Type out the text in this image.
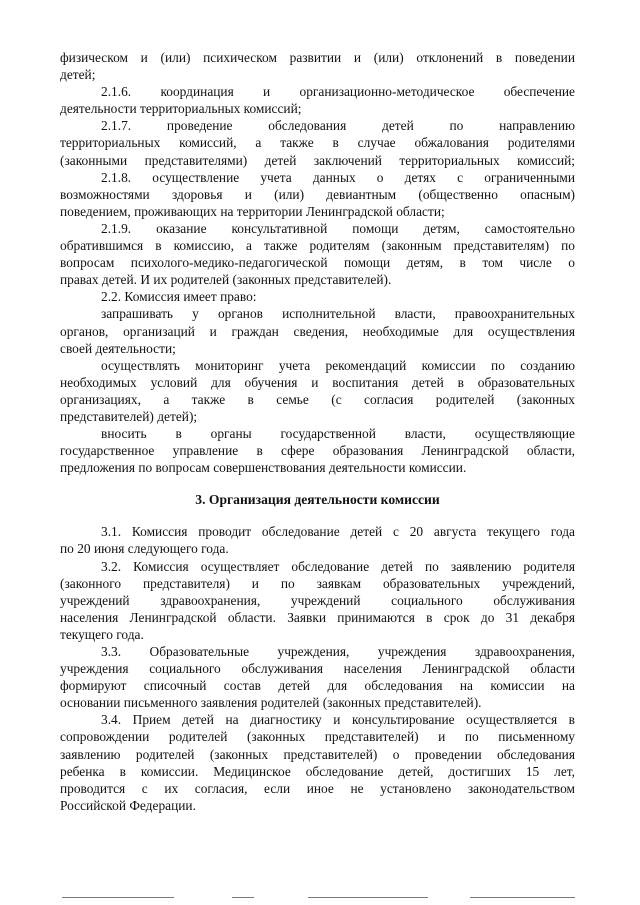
физическом и (или) психическом развитии и (или) отклонений в поведении
детей;
2.1.6. координация и организационно-методическое обеспечение
деятельности территориальных комиссий;
2.1.7. проведение обследования детей по направлению
территориальных комиссий, а также в случае обжалования родителями
(законными представителями) детей заключений территориальных комиссий;
2.1.8. осуществление учета данных о детях с ограниченными
возможностями здоровья и (или) девиантным (общественно опасным)
поведением, проживающих на территории Ленинградской области;
2.1.9. оказание консультативной помощи детям, самостоятельно
обратившимся в комиссию, а также родителям (законным представителям) по
вопросам психолого-медико-педагогической помощи детям, в том числе о
правах детей. И их родителей (законных представителей).
2.2. Комиссия имеет право:
запрашивать у органов исполнительной власти, правоохранительных
органов, организаций и граждан сведения, необходимые для осуществления
своей деятельности;
осуществлять мониторинг учета рекомендаций комиссии по созданию
необходимых условий для обучения и воспитания детей в образовательных
организациях, а также в семье (с согласия родителей (законных
представителей) детей);
вносить в органы государственной власти, осуществляющие
государственное управление в сфере образования Ленинградской области,
предложения по вопросам совершенствования деятельности комиссии.
3. Организация деятельности комиссии
3.1. Комиссия проводит обследование детей с 20 августа текущего года
по 20 июня следующего года.
3.2. Комиссия осуществляет обследование детей по заявлению родителя
(законного представителя) и по заявкам образовательных учреждений,
учреждений здравоохранения, учреждений социального обслуживания
населения Ленинградской области. Заявки принимаются в срок до 31 декабря
текущего года.
3.3. Образовательные учреждения, учреждения здравоохранения,
учреждения социального обслуживания населения Ленинградской области
формируют списочный состав детей для обследования на комиссии на
основании письменного заявления родителей (законных представителей).
3.4. Прием детей на диагностику и консультирование осуществляется в
сопровождении родителей (законных представителей) и по письменному
заявлению родителей (законных представителей) о проведении обследования
ребенка в комиссии. Медицинское обследование детей, достигших 15 лет,
проводится с их согласия, если иное не установлено законодательством
Российской Федерации.
